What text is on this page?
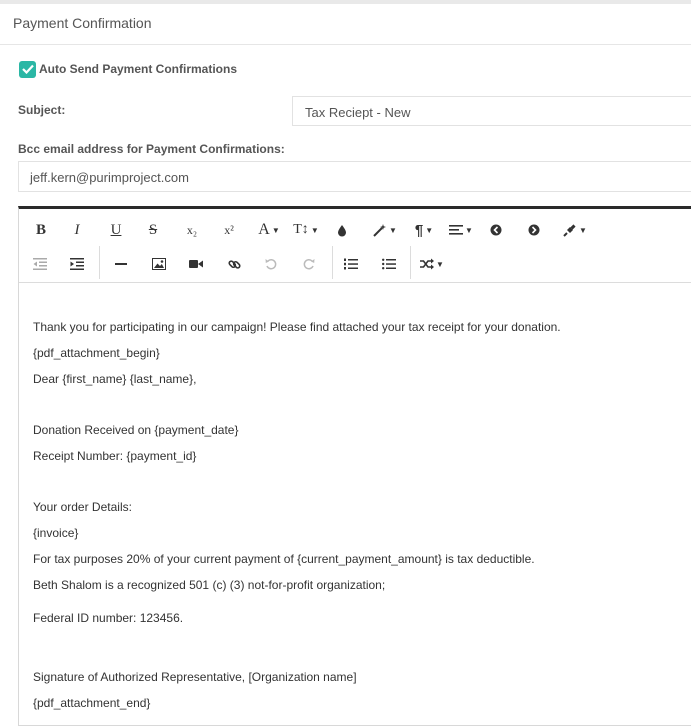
Payment Confirmation
Auto Send Payment Confirmations
Subject:	Tax Reciept - New
Bcc email address for Payment Confirmations:
jeff.kern@purimproject.com
B I U S x₂ x² A ▼ T↕ ▼	▼ ¶ ▼	▼	▼
▼
Thank you for participating in our campaign! Please find attached your tax receipt for your donation.
{pdf_attachment_begin}
Dear {first_name} {last_name},
Donation Received on {payment_date}
Receipt Number: {payment_id}
Your order Details:
{invoice}
For tax purposes 20% of your current payment of {current_payment_amount} is tax deductible.
Beth Shalom is a recognized 501 (c) (3) not-for-profit organization;
Federal ID number: 123456.
Signature of Authorized Representative, [Organization name]
{pdf_attachment_end}
